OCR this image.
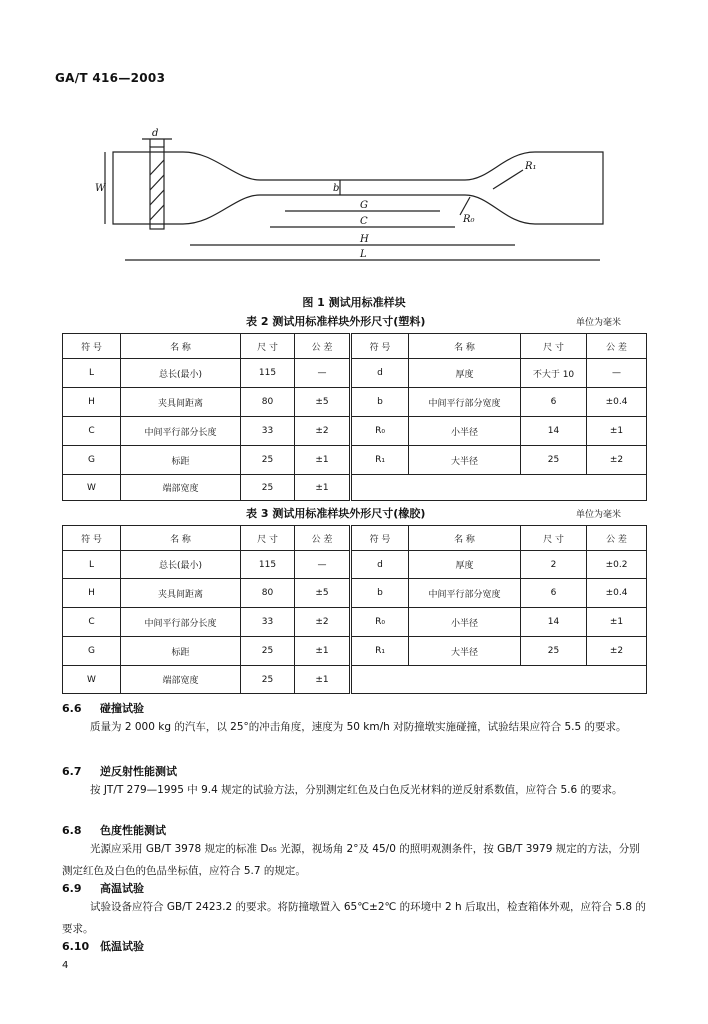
GA/T 416—2003
d
W	b
G
C
H
L
R₁
R₀
图 1 测试用标准样块
表 2 测试用标准样块外形尺寸(塑料)	单位为毫米
符 号	名 称	尺 寸	公 差	符 号	名 称	尺 寸	公 差
L	总长(最小)	115	—	d	厚度	不大于 10	—
H	夹具间距离	80	±5	b	中间平行部分宽度	6	±0.4
C	中间平行部分长度	33	±2	R₀	小半径	14	±1
G	标距	25	±1	R₁	大半径	25	±2
W	端部宽度	25	±1				
表 3 测试用标准样块外形尺寸(橡胶)	单位为毫米
符 号	名 称	尺 寸	公 差	符 号	名 称	尺 寸	公 差
L	总长(最小)	115	—	d	厚度	2	±0.2
H	夹具间距离	80	±5	b	中间平行部分宽度	6	±0.4
C	中间平行部分长度	33	±2	R₀	小半径	14	±1
G	标距	25	±1	R₁	大半径	25	±2
W	端部宽度	25	±1				
6.6 碰撞试验
质量为 2 000 kg 的汽车，以 25°的冲击角度，速度为 50 km/h 对防撞墩实施碰撞，试验结果应符合 5.5 的要求。
6.7 逆反射性能测试
按 JT/T 279—1995 中 9.4 规定的试验方法，分别测定红色及白色反光材料的逆反射系数值，应符合 5.6 的要求。
6.8 色度性能测试
光源应采用 GB/T 3978 规定的标准 D₆₅ 光源，视场角 2°及 45/0 的照明观测条件，按 GB/T 3979 规定的方法，分别测定红色及白色的色品坐标值，应符合 5.7 的规定。
6.9 高温试验
试验设备应符合 GB/T 2423.2 的要求。将防撞墩置入 65℃±2℃ 的环境中 2 h 后取出，检查箱体外观，应符合 5.8 的要求。
6.10 低温试验
4
